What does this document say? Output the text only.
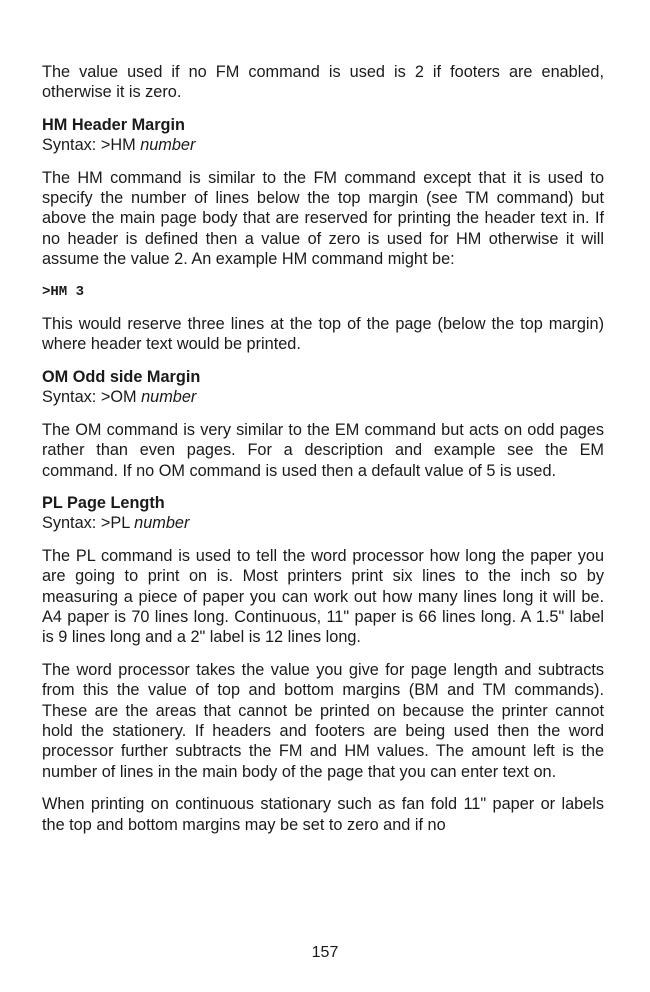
The value used if no FM command is used is 2 if footers are enabled, otherwise it is zero.

HM Header Margin

Syntax: >HM number

The HM command is similar to the FM command except that it is used to specify the number of lines below the top margin (see TM command) but above the main page body that are reserved for printing the header text in. If no header is defined then a value of zero is used for HM otherwise it will assume the value 2. An example HM command might be:

>HM 3

This would reserve three lines at the top of the page (below the top margin) where header text would be printed.

OM Odd side Margin

Syntax: >OM number

The OM command is very similar to the EM command but acts on odd pages rather than even pages. For a description and example see the EM command. If no OM command is used then a default value of 5 is used.

PL Page Length

Syntax: >PL number

The PL command is used to tell the word processor how long the paper you are going to print on is. Most printers print six lines to the inch so by measuring a piece of paper you can work out how many lines long it will be. A4 paper is 70 lines long. Continuous, 11" paper is 66 lines long. A 1.5" label is 9 lines long and a 2" label is 12 lines long.

The word processor takes the value you give for page length and subtracts from this the value of top and bottom margins (BM and TM commands). These are the areas that cannot be printed on because the printer cannot hold the stationery. If headers and footers are being used then the word processor further subtracts the FM and HM values. The amount left is the number of lines in the main body of the page that you can enter text on.

When printing on continuous stationary such as fan fold 11" paper or labels the top and bottom margins may be set to zero and if no

157
